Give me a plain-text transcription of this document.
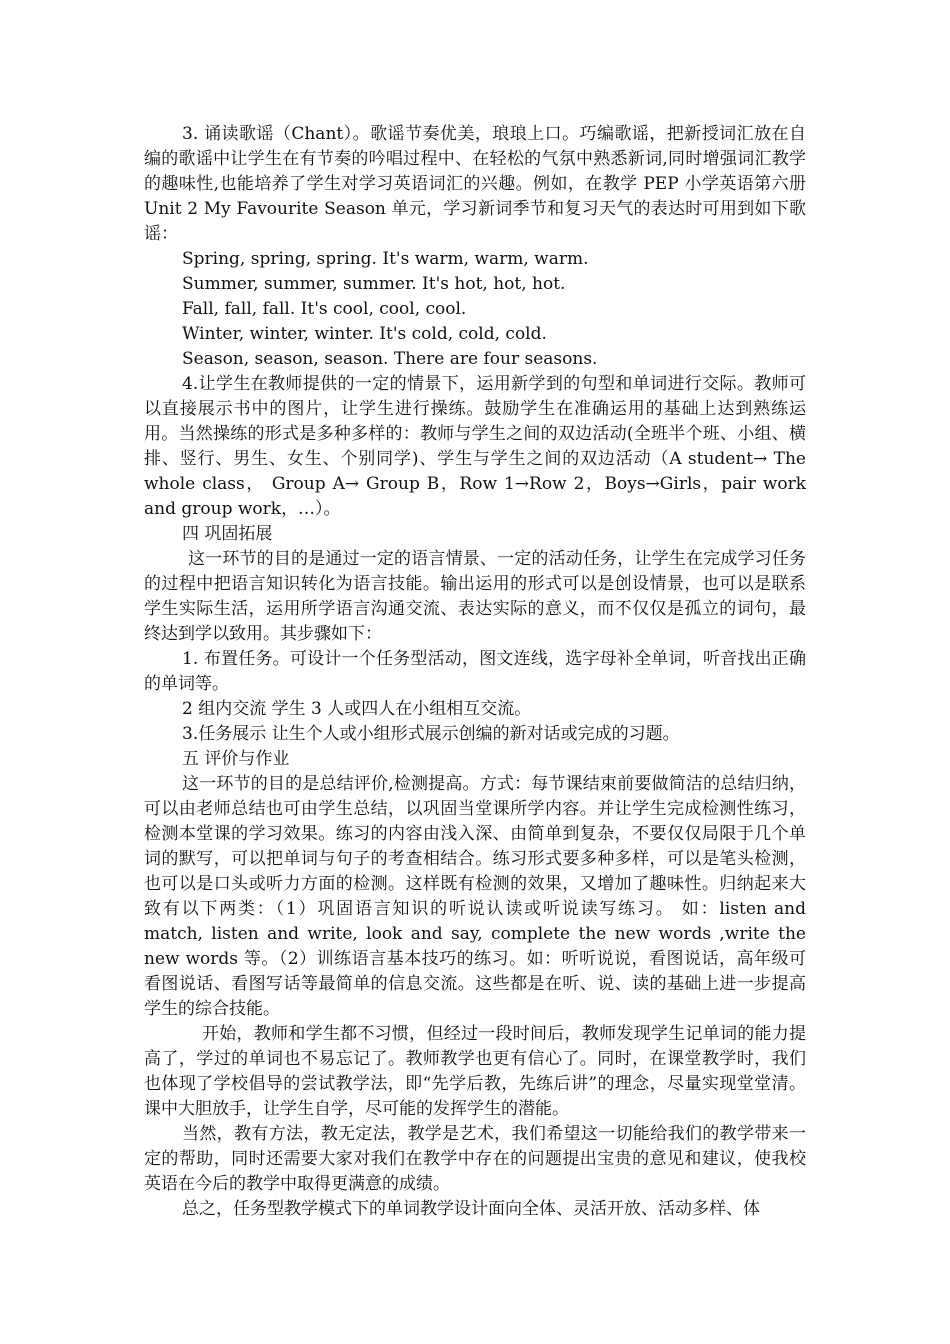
3. 诵读歌谣（Chant）。歌谣节奏优美，琅琅上口。巧编歌谣，把新授词汇放在自编的歌谣中让学生在有节奏的吟唱过程中、在轻松的气氛中熟悉新词,同时增强词汇教学的趣味性,也能培养了学生对学习英语词汇的兴趣。例如，在教学 PEP 小学英语第六册 Unit 2 My Favourite Season 单元，学习新词季节和复习天气的表达时可用到如下歌谣：

Spring, spring, spring. It's warm, warm, warm.

Summer, summer, summer. It's hot, hot, hot.

Fall, fall, fall. It's cool, cool, cool.

Winter, winter, winter. It's cold, cold, cold.

Season, season, season. There are four seasons.

4.让学生在教师提供的一定的情景下，运用新学到的句型和单词进行交际。教师可以直接展示书中的图片，让学生进行操练。鼓励学生在准确运用的基础上达到熟练运用。当然操练的形式是多种多样的：教师与学生之间的双边活动(全班半个班、小组、横排、竖行、男生、女生、个别同学)、学生与学生之间的双边活动（A student→ The whole class， Group A→ Group B，Row 1→Row 2，Boys→Girls，pair work and group work，…）。

四 巩固拓展

这一环节的目的是通过一定的语言情景、一定的活动任务，让学生在完成学习任务的过程中把语言知识转化为语言技能。输出运用的形式可以是创设情景，也可以是联系学生实际生活，运用所学语言沟通交流、表达实际的意义，而不仅仅是孤立的词句，最终达到学以致用。其步骤如下：

1. 布置任务。可设计一个任务型活动，图文连线，选字母补全单词，听音找出正确的单词等。

2 组内交流 学生 3 人或四人在小组相互交流。

3.任务展示 让生个人或小组形式展示创编的新对话或完成的习题。

五 评价与作业

这一环节的目的是总结评价,检测提高。方式：每节课结束前要做简洁的总结归纳，可以由老师总结也可由学生总结，以巩固当堂课所学内容。并让学生完成检测性练习，检测本堂课的学习效果。练习的内容由浅入深、由简单到复杂，不要仅仅局限于几个单词的默写，可以把单词与句子的考查相结合。练习形式要多种多样，可以是笔头检测，也可以是口头或听力方面的检测。这样既有检测的效果，又增加了趣味性。归纳起来大致有以下两类：（1）巩固语言知识的听说认读或听说读写练习。 如：listen and match, listen and write, look and say, complete the new words ,write the new words 等。（2）训练语言基本技巧的练习。如：听听说说，看图说话，高年级可看图说话、看图写话等最简单的信息交流。这些都是在听、说、读的基础上进一步提高学生的综合技能。

开始，教师和学生都不习惯，但经过一段时间后，教师发现学生记单词的能力提高了，学过的单词也不易忘记了。教师教学也更有信心了。同时，在课堂教学时，我们也体现了学校倡导的尝试教学法，即“先学后教，先练后讲”的理念，尽量实现堂堂清。课中大胆放手，让学生自学，尽可能的发挥学生的潜能。

当然，教有方法，教无定法，教学是艺术，我们希望这一切能给我们的教学带来一定的帮助，同时还需要大家对我们在教学中存在的问题提出宝贵的意见和建议，使我校英语在今后的教学中取得更满意的成绩。

总之，任务型教学模式下的单词教学设计面向全体、灵活开放、活动多样、体
